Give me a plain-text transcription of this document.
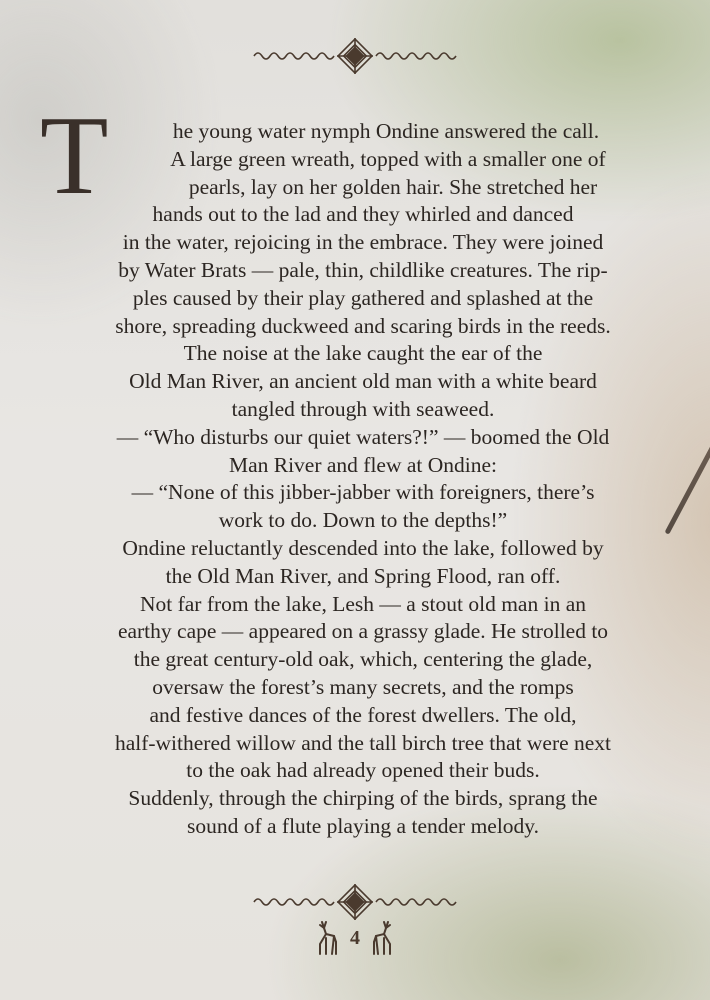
T	he young water nymph Ondine answered the call.
A large green wreath, topped with a smaller one of
pearls, lay on her golden hair. She stretched her
hands out to the lad and they whirled and danced
in the water, rejoicing in the embrace. They were joined
by Water Brats — pale, thin, childlike creatures. The rip-
ples caused by their play gathered and splashed at the
shore, spreading duckweed and scaring birds in the reeds.
The noise at the lake caught the ear of the
Old Man River, an ancient old man with a white beard
tangled through with seaweed.
— “Who disturbs our quiet waters?!” — boomed the Old
Man River and flew at Ondine:
— “None of this jibber-jabber with foreigners, there’s
work to do. Down to the depths!”
Ondine reluctantly descended into the lake, followed by
the Old Man River, and Spring Flood, ran off.
Not far from the lake, Lesh — a stout old man in an
earthy cape — appeared on a grassy glade. He strolled to
the great century-old oak, which, centering the glade,
oversaw the forest’s many secrets, and the romps
and festive dances of the forest dwellers. The old,
half-withered willow and the tall birch tree that were next
to the oak had already opened their buds.
Suddenly, through the chirping of the birds, sprang the
sound of a flute playing a tender melody.
4
